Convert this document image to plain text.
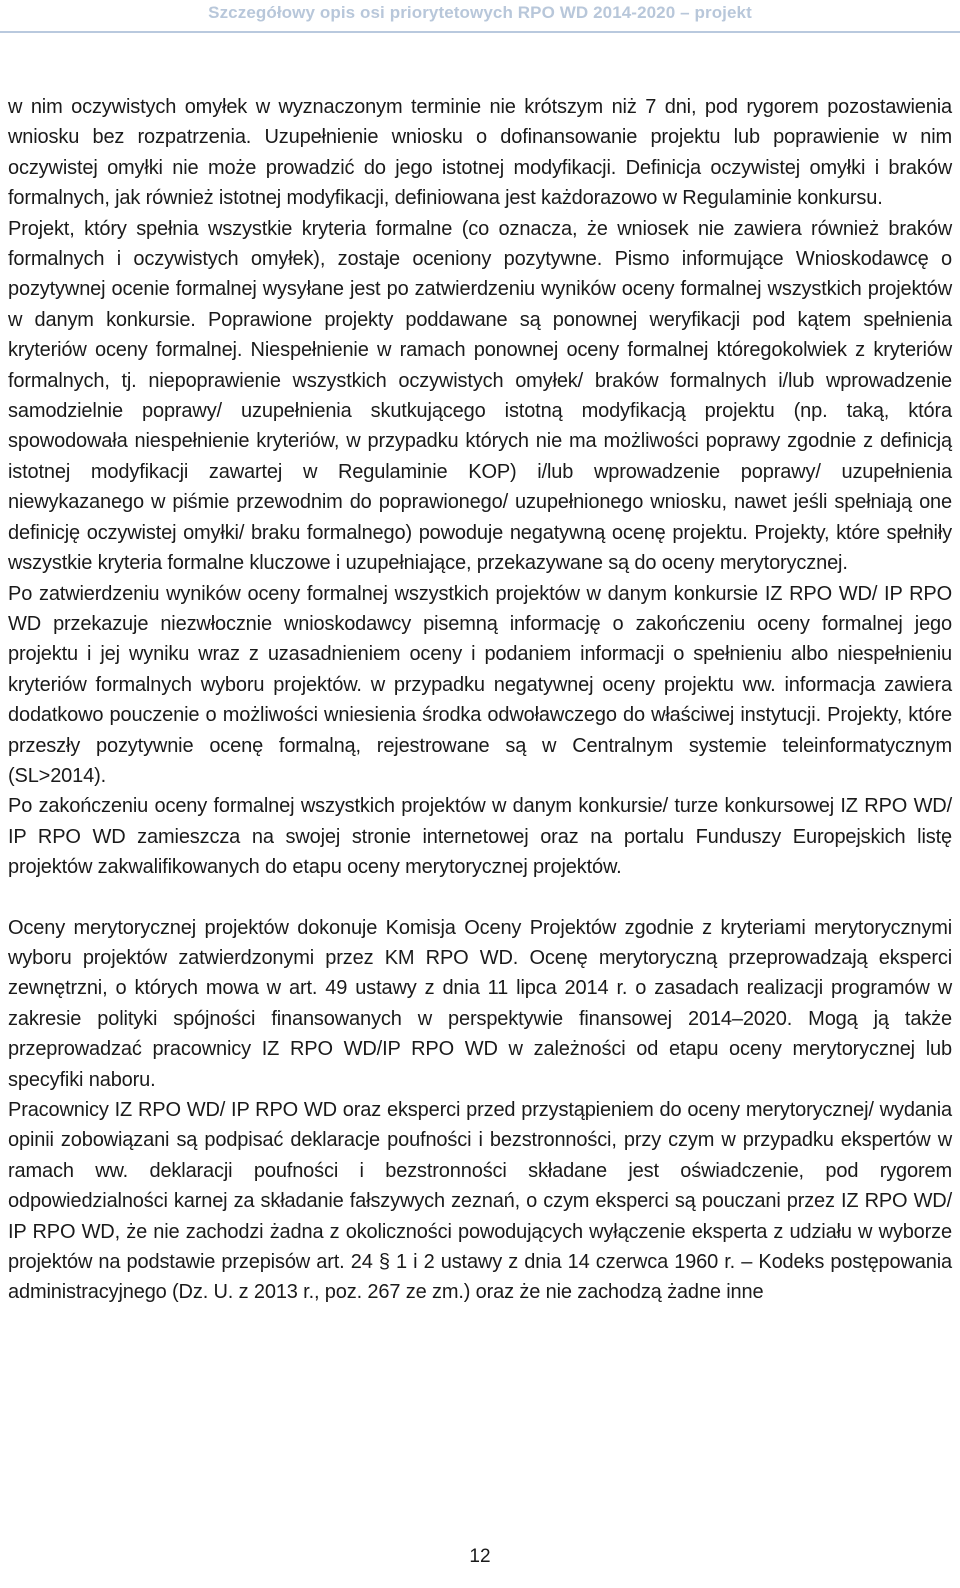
Szczegółowy opis osi priorytetowych RPO WD 2014-2020 – projekt

w nim oczywistych omyłek w wyznaczonym terminie nie krótszym niż 7 dni, pod rygorem pozostawienia wniosku bez rozpatrzenia. Uzupełnienie wniosku o dofinansowanie projektu lub poprawienie w nim oczywistej omyłki nie może prowadzić do jego istotnej modyfikacji. Definicja oczywistej omyłki i braków formalnych, jak również istotnej modyfikacji, definiowana jest każdorazowo w Regulaminie konkursu.

Projekt, który spełnia wszystkie kryteria formalne (co oznacza, że wniosek nie zawiera również braków formalnych i oczywistych omyłek), zostaje oceniony pozytywne. Pismo informujące Wnioskodawcę o pozytywnej ocenie formalnej wysyłane jest po zatwierdzeniu wyników oceny formalnej wszystkich projektów w danym konkursie. Poprawione projekty poddawane są ponownej weryfikacji pod kątem spełnienia kryteriów oceny formalnej. Niespełnienie w ramach ponownej oceny formalnej któregokolwiek z kryteriów formalnych, tj. niepoprawienie wszystkich oczywistych omyłek/ braków formalnych i/lub wprowadzenie samodzielnie poprawy/ uzupełnienia skutkującego istotną modyfikacją projektu (np. taką, która spowodowała niespełnienie kryteriów, w przypadku których nie ma możliwości poprawy zgodnie z definicją istotnej modyfikacji zawartej w Regulaminie KOP) i/lub wprowadzenie poprawy/ uzupełnienia niewykazanego w piśmie przewodnim do poprawionego/ uzupełnionego wniosku, nawet jeśli spełniają one definicję oczywistej omyłki/ braku formalnego) powoduje negatywną ocenę projektu. Projekty, które spełniły wszystkie kryteria formalne kluczowe i uzupełniające, przekazywane są do oceny merytorycznej.

Po zatwierdzeniu wyników oceny formalnej wszystkich projektów w danym konkursie IZ RPO WD/ IP RPO WD przekazuje niezwłocznie wnioskodawcy pisemną informację o zakończeniu oceny formalnej jego projektu i jej wyniku wraz z uzasadnieniem oceny i podaniem informacji o spełnieniu albo niespełnieniu kryteriów formalnych wyboru projektów. w przypadku negatywnej oceny projektu ww. informacja zawiera dodatkowo pouczenie o możliwości wniesienia środka odwoławczego do właściwej instytucji. Projekty, które przeszły pozytywnie ocenę formalną, rejestrowane są w Centralnym systemie teleinformatycznym (SL>2014).

Po zakończeniu oceny formalnej wszystkich projektów w danym konkursie/ turze konkursowej IZ RPO WD/ IP RPO WD zamieszcza na swojej stronie internetowej oraz na portalu Funduszy Europejskich listę projektów zakwalifikowanych do etapu oceny merytorycznej projektów.

Oceny merytorycznej projektów dokonuje Komisja Oceny Projektów zgodnie z kryteriami merytorycznymi wyboru projektów zatwierdzonymi przez KM RPO WD. Ocenę merytoryczną przeprowadzają eksperci zewnętrzni, o których mowa w art. 49 ustawy z dnia 11 lipca 2014 r. o zasadach realizacji programów w zakresie polityki spójności finansowanych w perspektywie finansowej 2014–2020. Mogą ją także przeprowadzać pracownicy IZ RPO WD/IP RPO WD w zależności od etapu oceny merytorycznej lub specyfiki naboru.

Pracownicy IZ RPO WD/ IP RPO WD oraz eksperci przed przystąpieniem do oceny merytorycznej/ wydania opinii zobowiązani są podpisać deklaracje poufności i bezstronności, przy czym w przypadku ekspertów w ramach ww. deklaracji poufności i bezstronności składane jest oświadczenie, pod rygorem odpowiedzialności karnej za składanie fałszywych zeznań, o czym eksperci są pouczani przez IZ RPO WD/ IP RPO WD, że nie zachodzi żadna z okoliczności powodujących wyłączenie eksperta z udziału w wyborze projektów na podstawie przepisów art. 24 § 1 i 2 ustawy z dnia 14 czerwca 1960 r. – Kodeks postępowania administracyjnego (Dz. U. z 2013 r., poz. 267 ze zm.) oraz że nie zachodzą żadne inne

12
